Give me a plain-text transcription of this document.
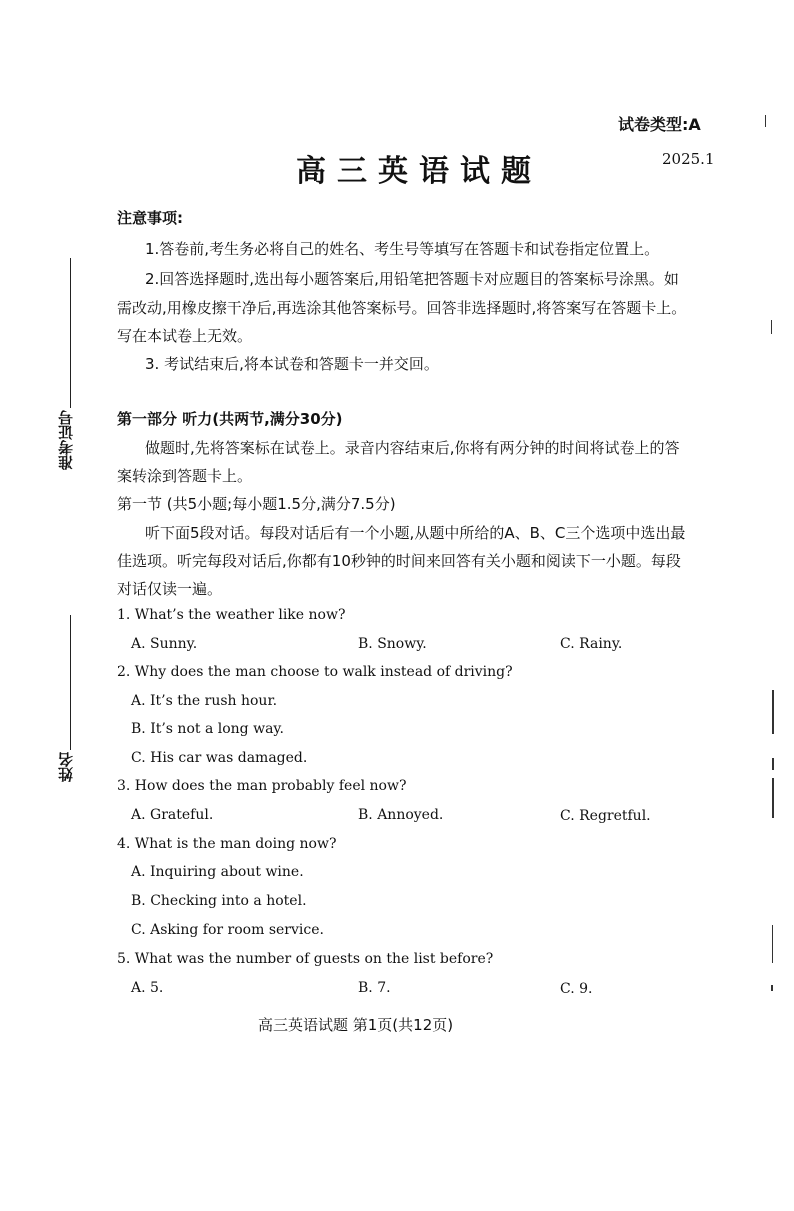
试卷类型:A
高三英语试题	2025.1
准考证号
姓名
注意事项:
1.答卷前,考生务必将自己的姓名、考生号等填写在答题卡和试卷指定位置上。
2.回答选择题时,选出每小题答案后,用铅笔把答题卡对应题目的答案标号涂黑。如
需改动,用橡皮擦干净后,再选涂其他答案标号。回答非选择题时,将答案写在答题卡上。
写在本试卷上无效。
3. 考试结束后,将本试卷和答题卡一并交回。
第一部分 听力(共两节,满分30分)
做题时,先将答案标在试卷上。录音内容结束后,你将有两分钟的时间将试卷上的答
案转涂到答题卡上。
第一节 (共5小题;每小题1.5分,满分7.5分)
听下面5段对话。每段对话后有一个小题,从题中所给的A、B、C三个选项中选出最
佳选项。听完每段对话后,你都有10秒钟的时间来回答有关小题和阅读下一小题。每段
对话仅读一遍。
1. What’s the weather like now?
A. Sunny.	B. Snowy.	C. Rainy.
2. Why does the man choose to walk instead of driving?
A. It’s the rush hour.
B. It’s not a long way.
C. His car was damaged.
3. How does the man probably feel now?
A. Grateful.	B. Annoyed.	C. Regretful.
4. What is the man doing now?
A. Inquiring about wine.
B. Checking into a hotel.
C. Asking for room service.
5. What was the number of guests on the list before?
A. 5.	B. 7.	C. 9.
高三英语试题 第1页(共12页)
